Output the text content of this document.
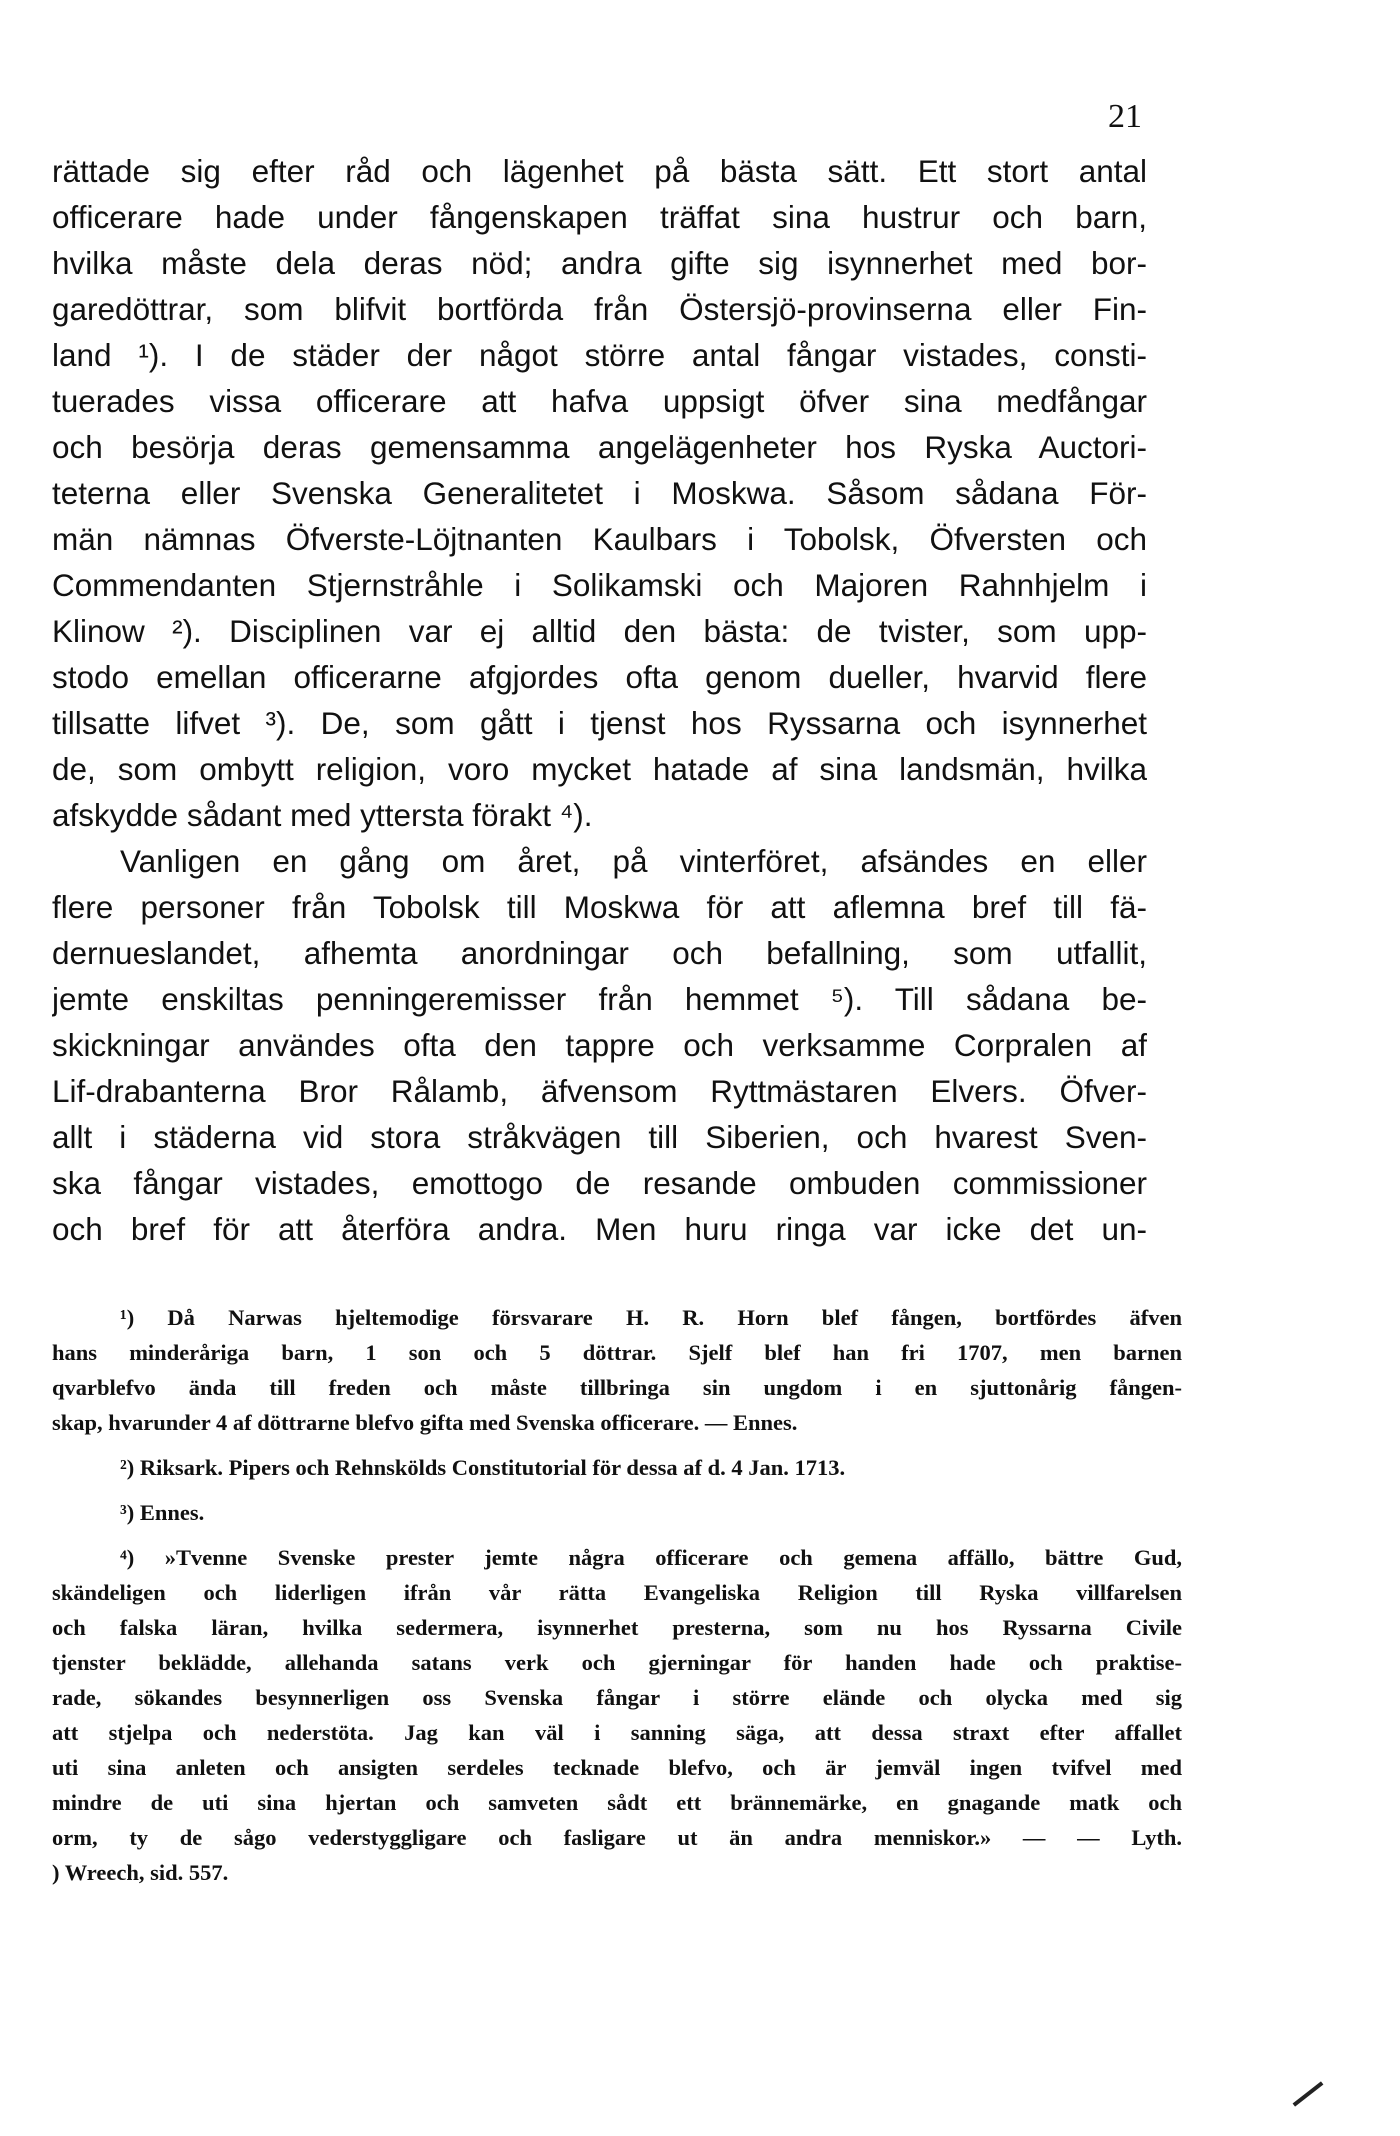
21
rättade sig efter råd och lägenhet på bästa sätt. Ett stort antal
officerare hade under fångenskapen träffat sina hustrur och barn,
hvilka måste dela deras nöd; andra gifte sig isynnerhet med bor-
garedöttrar, som blifvit bortförda från Östersjö-provinserna eller Fin-
land ¹). I de städer der något större antal fångar vistades, consti-
tuerades vissa officerare att hafva uppsigt öfver sina medfångar
och besörja deras gemensamma angelägenheter hos Ryska Auctori-
teterna eller Svenska Generalitetet i Moskwa. Såsom sådana För-
män nämnas Öfverste-Löjtnanten Kaulbars i Tobolsk, Öfversten och
Commendanten Stjernstråhle i Solikamski och Majoren Rahnhjelm i
Klinow ²). Disciplinen var ej alltid den bästa: de tvister, som upp-
stodo emellan officerarne afgjordes ofta genom dueller, hvarvid flere
tillsatte lifvet ³). De, som gått i tjenst hos Ryssarna och isynnerhet
de, som ombytt religion, voro mycket hatade af sina landsmän, hvilka
afskydde sådant med yttersta förakt ⁴).
Vanligen en gång om året, på vinterföret, afsändes en eller
flere personer från Tobolsk till Moskwa för att aflemna bref till fä-
dernueslandet, afhemta anordningar och befallning, som utfallit,
jemte enskiltas penningeremisser från hemmet ⁵). Till sådana be-
skickningar användes ofta den tappre och verksamme Corpralen af
Lif-drabanterna Bror Rålamb, äfvensom Ryttmästaren Elvers. Öfver-
allt i städerna vid stora stråkvägen till Siberien, och hvarest Sven-
ska fångar vistades, emottogo de resande ombuden commissioner
och bref för att återföra andra. Men huru ringa var icke det un-
¹) Då Narwas hjeltemodige försvarare H. R. Horn blef fången, bortfördes äfven
hans minderåriga barn, 1 son och 5 döttrar. Sjelf blef han fri 1707, men barnen
qvarblefvo ända till freden och måste tillbringa sin ungdom i en sjuttonårig fången-
skap, hvarunder 4 af döttrarne blefvo gifta med Svenska officerare. — Ennes.
²) Riksark. Pipers och Rehnskölds Constitutorial för dessa af d. 4 Jan. 1713.
³) Ennes.
⁴) »Tvenne Svenske prester jemte några officerare och gemena affällo, bättre Gud,
skändeligen och liderligen ifrån vår rätta Evangeliska Religion till Ryska villfarelsen
och falska läran, hvilka sedermera, isynnerhet presterna, som nu hos Ryssarna Civile
tjenster beklädde, allehanda satans verk och gjerningar för handen hade och praktise-
rade, sökandes besynnerligen oss Svenska fångar i större elände och olycka med sig
att stjelpa och nederstöta. Jag kan väl i sanning säga, att dessa straxt efter affallet
uti sina anleten och ansigten serdeles tecknade blefvo, och är jemväl ingen tvifvel med
mindre de uti sina hjertan och samveten sådt ett brännemärke, en gnagande matk och
orm, ty de sågo vederstyggligare och fasligare ut än andra menniskor.» — — Lyth.
) Wreech, sid. 557.
